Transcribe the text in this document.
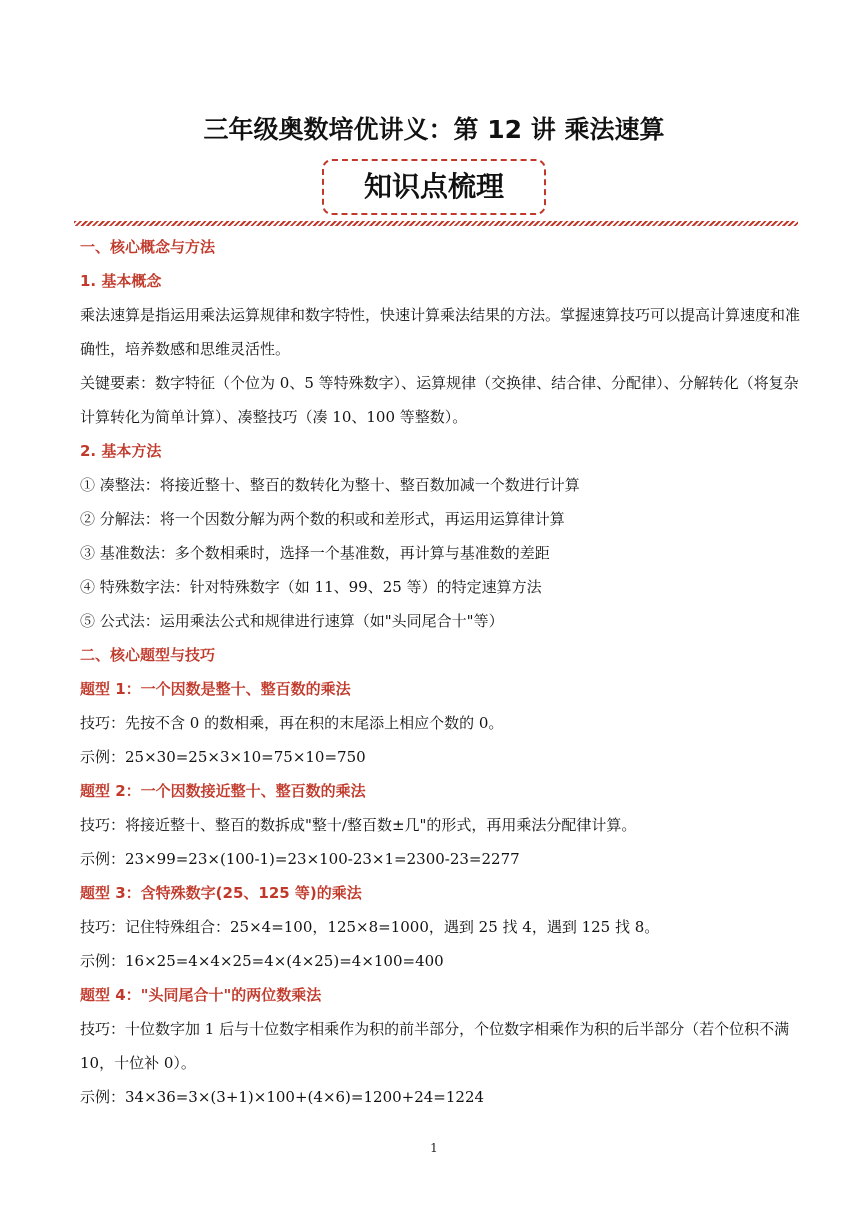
三年级奥数培优讲义：第 12 讲 乘法速算
知识点梳理
一、核心概念与方法
1. 基本概念
乘法速算是指运用乘法运算规律和数字特性，快速计算乘法结果的方法。掌握速算技巧可以提高计算速度和准确性，培养数感和思维灵活性。
关键要素：数字特征（个位为 0、5 等特殊数字）、运算规律（交换律、结合律、分配律）、分解转化（将复杂计算转化为简单计算）、凑整技巧（凑 10、100 等整数）。
2. 基本方法
① 凑整法：将接近整十、整百的数转化为整十、整百数加减一个数进行计算
② 分解法：将一个因数分解为两个数的积或和差形式，再运用运算律计算
③ 基准数法：多个数相乘时，选择一个基准数，再计算与基准数的差距
④ 特殊数字法：针对特殊数字（如 11、99、25 等）的特定速算方法
⑤ 公式法：运用乘法公式和规律进行速算（如"头同尾合十"等）
二、核心题型与技巧
题型 1：一个因数是整十、整百数的乘法
技巧：先按不含 0 的数相乘，再在积的末尾添上相应个数的 0。
示例：25×30=25×3×10=75×10=750
题型 2：一个因数接近整十、整百数的乘法
技巧：将接近整十、整百的数拆成"整十/整百数±几"的形式，再用乘法分配律计算。
示例：23×99=23×(100-1)=23×100-23×1=2300-23=2277
题型 3：含特殊数字(25、125 等)的乘法
技巧：记住特殊组合：25×4=100，125×8=1000，遇到 25 找 4，遇到 125 找 8。
示例：16×25=4×4×25=4×(4×25)=4×100=400
题型 4："头同尾合十"的两位数乘法
技巧：十位数字加 1 后与十位数字相乘作为积的前半部分，个位数字相乘作为积的后半部分（若个位积不满 10，十位补 0）。
示例：34×36=3×(3+1)×100+(4×6)=1200+24=1224
1
